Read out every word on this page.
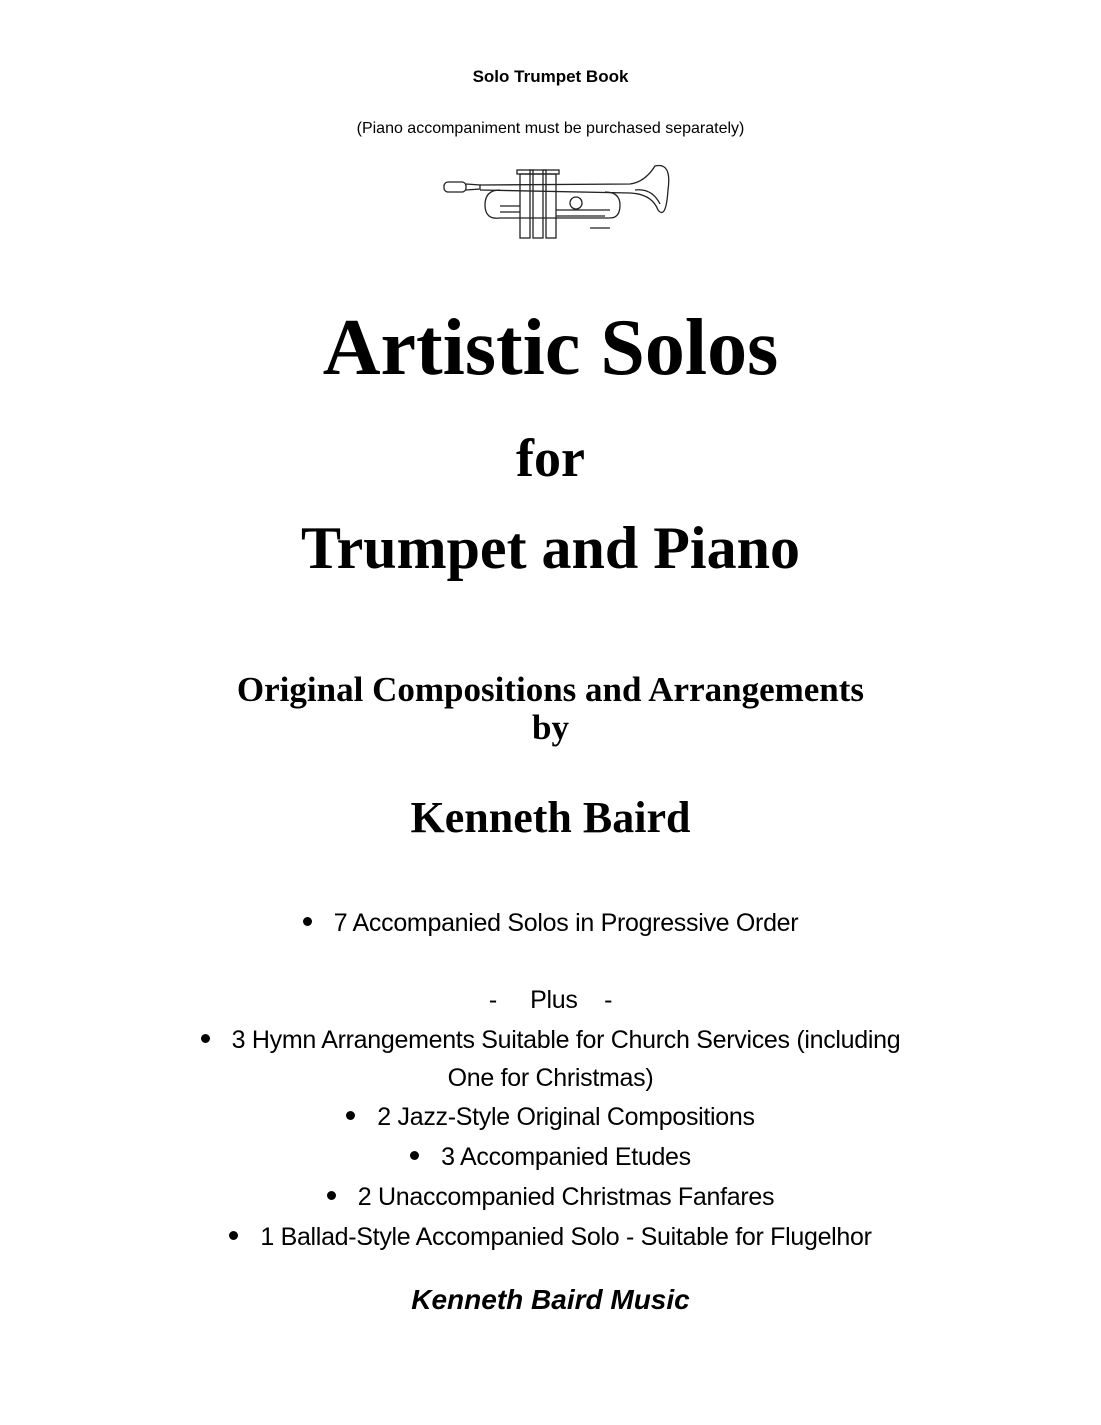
Solo Trumpet Book
(Piano accompaniment must be purchased separately)
Artistic Solos
for
Trumpet and Piano
Original Compositions and Arrangements
by
Kenneth Baird
7 Accompanied Solos in Progressive Order
-     Plus    -
3 Hymn Arrangements Suitable for Church Services (including
One for Christmas)
2 Jazz-Style Original Compositions
3 Accompanied Etudes
2 Unaccompanied Christmas Fanfares
1 Ballad-Style Accompanied Solo - Suitable for Flugelhor
Kenneth Baird Music
